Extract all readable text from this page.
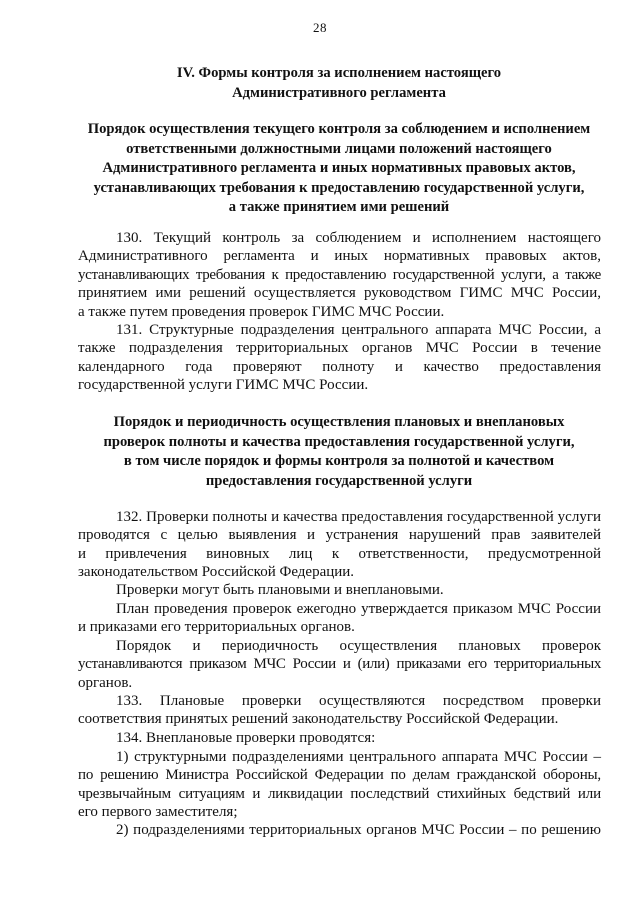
28
IV. Формы контроля за исполнением настоящего
Административного регламента
Порядок осуществления текущего контроля за соблюдением и исполнением
ответственными должностными лицами положений настоящего
Административного регламента и иных нормативных правовых актов,
устанавливающих требования к предоставлению государственной услуги,
а также принятием ими решений
130. Текущий контроль за соблюдением и исполнением настоящего
Административного регламента и иных нормативных правовых актов,
устанавливающих требования к предоставлению государственной услуги, а также
принятием ими решений осуществляется руководством ГИМС МЧС России,
а также путем проведения проверок ГИМС МЧС России.
131. Структурные подразделения центрального аппарата МЧС России, а
также подразделения территориальных органов МЧС России в течение
календарного года проверяют полноту и качество предоставления
государственной услуги ГИМС МЧС России.
Порядок и периодичность осуществления плановых и внеплановых
проверок полноты и качества предоставления государственной услуги,
в том числе порядок и формы контроля за полнотой и качеством
предоставления государственной услуги
132. Проверки полноты и качества предоставления государственной услуги
проводятся с целью выявления и устранения нарушений прав заявителей
и привлечения виновных лиц к ответственности, предусмотренной
законодательством Российской Федерации.
Проверки могут быть плановыми и внеплановыми.
План проведения проверок ежегодно утверждается приказом МЧС России
и приказами его территориальных органов.
Порядок и периодичность осуществления плановых проверок
устанавливаются приказом МЧС России и (или) приказами его территориальных
органов.
133. Плановые проверки осуществляются посредством проверки
соответствия принятых решений законодательству Российской Федерации.
134. Внеплановые проверки проводятся:
1) структурными подразделениями центрального аппарата МЧС России –
по решению Министра Российской Федерации по делам гражданской обороны,
чрезвычайным ситуациям и ликвидации последствий стихийных бедствий или
его первого заместителя;
2) подразделениями территориальных органов МЧС России – по решению
